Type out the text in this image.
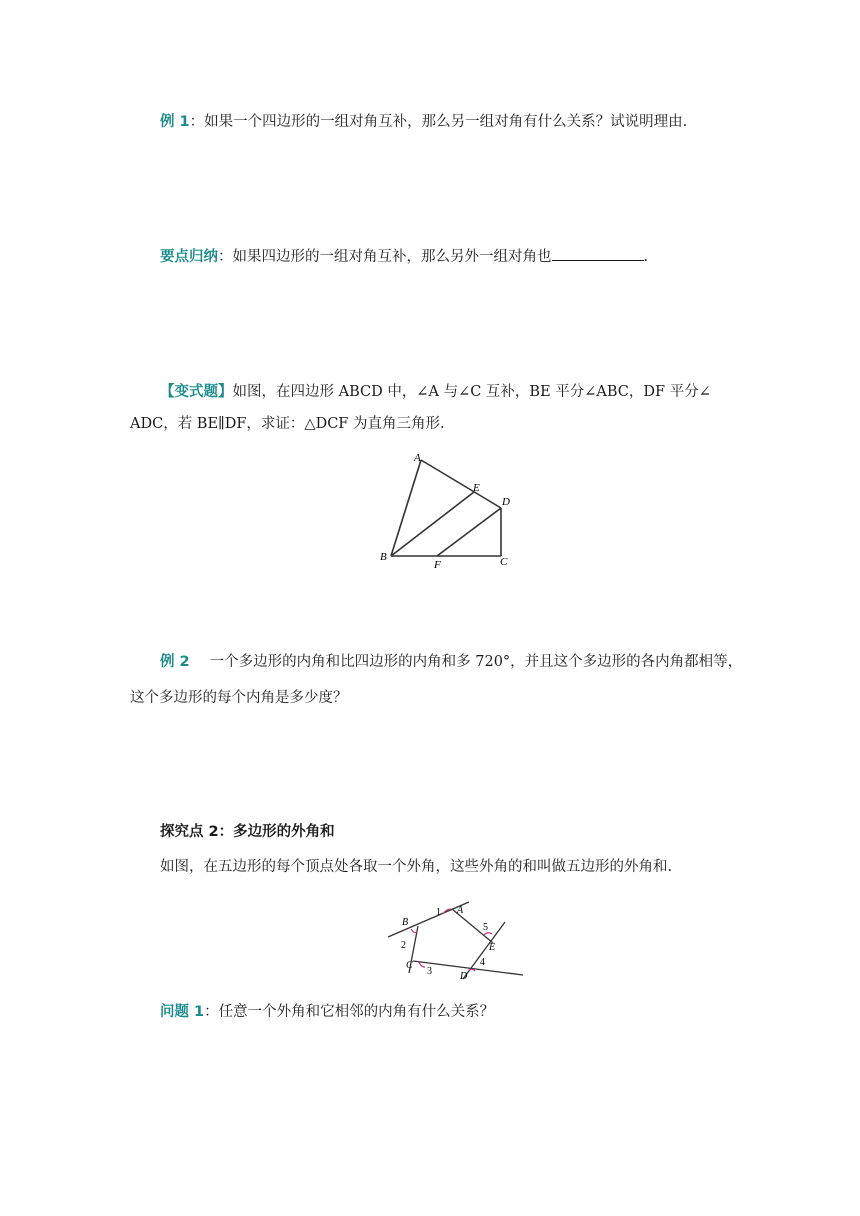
例 1：如果一个四边形的一组对角互补，那么另一组对角有什么关系？试说明理由.
要点归纳：如果四边形的一组对角互补，那么另外一组对角也	.
【变式题】如图，在四边形 ABCD 中，∠A 与∠C 互补，BE 平分∠ABC，DF 平分∠
ADC，若 BE∥DF，求证：△DCF 为直角三角形.
A
E
D
B
F	C
例 2 一个多边形的内角和比四边形的内角和多 720°，并且这个多边形的各内角都相等，
这个多边形的每个内角是多少度？
探究点 2：多边形的外角和
如图，在五边形的每个顶点处各取一个外角，这些外角的和叫做五边形的外角和.
1 A
B	5
2	E
C
3
4
D
问题 1：任意一个外角和它相邻的内角有什么关系？
